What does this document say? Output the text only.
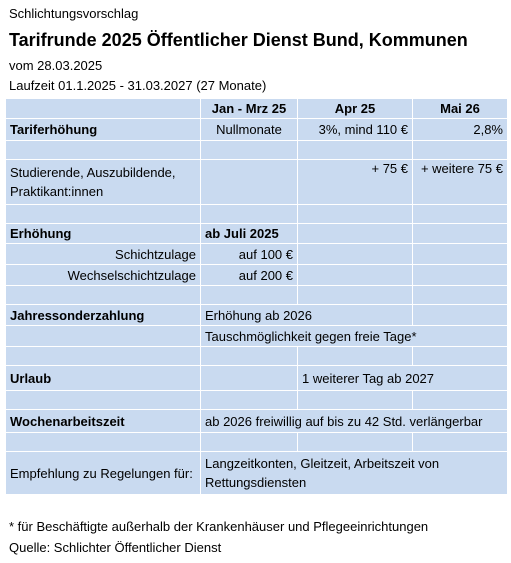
Schlichtungsvorschlag
Tarifrunde 2025 Öffentlicher Dienst Bund, Kommunen
vom 28.03.2025
Laufzeit 01.1.2025 - 31.03.2027 (27 Monate)
	Jan - Mrz 25	Apr 25	Mai 26
Tariferhöhung	Nullmonate	3%, mind 110 €	2,8%

Studierende, Auszubildende, Praktikant:innen		+ 75 €	+ weitere 75 €

Erhöhung	ab Juli 2025		
Schichtzulage	auf 100 €		
Wechselschichtzulage	auf 200 €		

Jahressonderzahlung	Erhöhung ab 2026		
	Tauschmöglichkeit gegen freie Tage*		

Urlaub		1 weiterer Tag ab 2027	

Wochenarbeitszeit	ab 2026 freiwillig auf bis zu 42 Std. verlängerbar		

Empfehlung zu Regelungen für:	Langzeitkonten, Gleitzeit, Arbeitszeit von Rettungsdiensten		
* für Beschäftigte außerhalb der Krankenhäuser und Pflegeeinrichtungen
Quelle: Schlichter Öffentlicher Dienst
